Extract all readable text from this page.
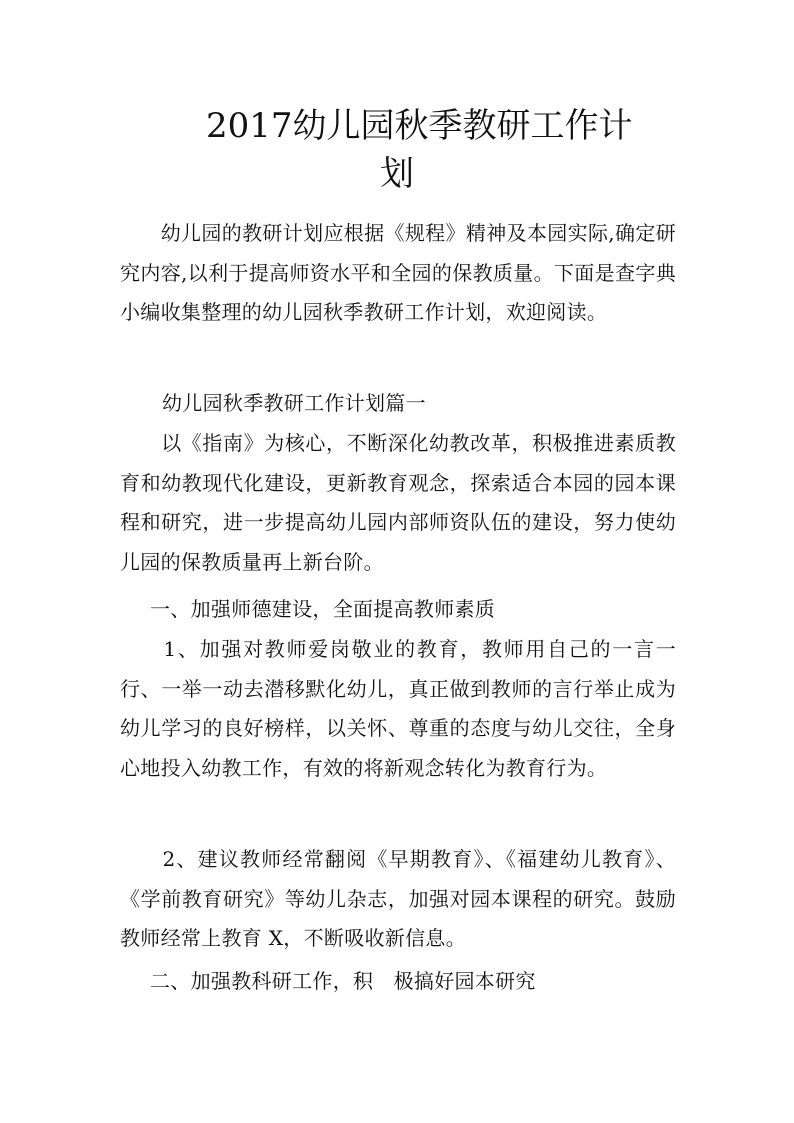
2017幼儿园秋季教研工作计
划

　　幼儿园的教研计划应根据《规程》精神及本园实际,确定研究内容,以利于提高师资水平和全园的保教质量。下面是查字典小编收集整理的幼儿园秋季教研工作计划，欢迎阅读。

幼儿园秋季教研工作计划篇一

　　以《指南》为核心，不断深化幼教改革，积极推进素质教育和幼教现代化建设，更新教育观念，探索适合本园的园本课程和研究，进一步提高幼儿园内部师资队伍的建设，努力使幼儿园的保教质量再上新台阶。

一、加强师德建设，全面提高教师素质

　　1、加强对教师爱岗敬业的教育，教师用自己的一言一行、一举一动去潜移默化幼儿，真正做到教师的言行举止成为幼儿学习的良好榜样，以关怀、尊重的态度与幼儿交往，全身心地投入幼教工作，有效的将新观念转化为教育行为。

　　2、建议教师经常翻阅《早期教育》、《福建幼儿教育》、《学前教育研究》等幼儿杂志，加强对园本课程的研究。鼓励教师经常上教育 X，不断吸收新信息。

二、加强教科研工作，积　极搞好园本研究
